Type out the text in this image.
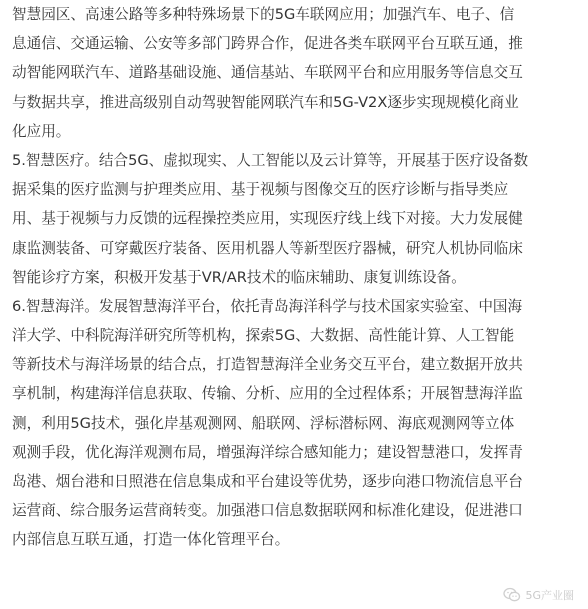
智慧园区、高速公路等多种特殊场景下的5G车联网应用；加强汽车、电子、信
息通信、交通运输、公安等多部门跨界合作，促进各类车联网平台互联互通，推
动智能网联汽车、道路基础设施、通信基站、车联网平台和应用服务等信息交互
与数据共享，推进高级别自动驾驶智能网联汽车和5G-V2X逐步实现规模化商业
化应用。
5.智慧医疗。结合5G、虚拟现实、人工智能以及云计算等，开展基于医疗设备数
据采集的医疗监测与护理类应用、基于视频与图像交互的医疗诊断与指导类应
用、基于视频与力反馈的远程操控类应用，实现医疗线上线下对接。大力发展健
康监测装备、可穿戴医疗装备、医用机器人等新型医疗器械，研究人机协同临床
智能诊疗方案，积极开发基于VR/AR技术的临床辅助、康复训练设备。
6.智慧海洋。发展智慧海洋平台，依托青岛海洋科学与技术国家实验室、中国海
洋大学、中科院海洋研究所等机构，探索5G、大数据、高性能计算、人工智能
等新技术与海洋场景的结合点，打造智慧海洋全业务交互平台，建立数据开放共
享机制，构建海洋信息获取、传输、分析、应用的全过程体系；开展智慧海洋监
测，利用5G技术，强化岸基观测网、船联网、浮标潜标网、海底观测网等立体
观测手段，优化海洋观测布局，增强海洋综合感知能力；建设智慧港口，发挥青
岛港、烟台港和日照港在信息集成和平台建设等优势，逐步向港口物流信息平台
运营商、综合服务运营商转变。加强港口信息数据联网和标准化建设，促进港口
内部信息互联互通，打造一体化管理平台。
5G产业圈
